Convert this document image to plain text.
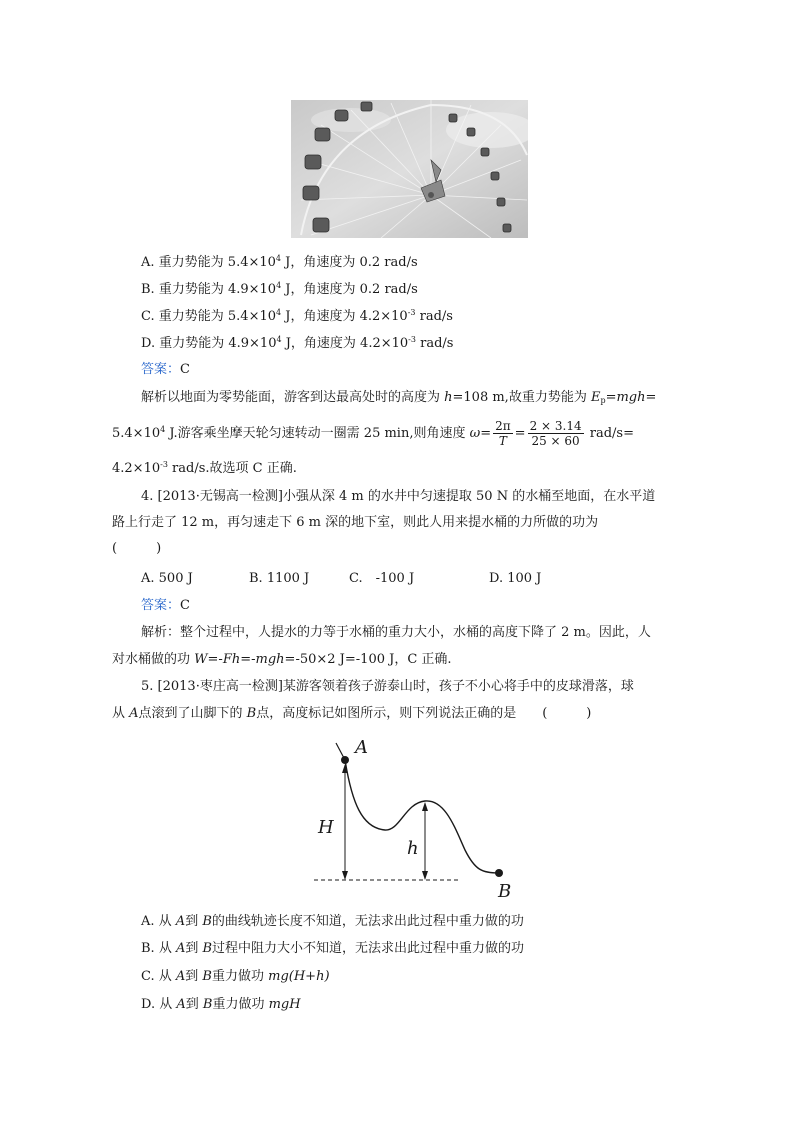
A. 重力势能为 $5.4\times 10^4$ J，角速度为 0.2 rad/s
B. 重力势能为 $4.9\times 10^4$ J，角速度为 0.2 rad/s
C. 重力势能为 $5.4\times 10^4$ J，角速度为 $4.2\times 10^{-3}$ rad/s
D. 重力势能为 $4.9\times 10^4$ J，角速度为 $4.2\times 10^{-3}$ rad/s
答案：C
解析以地面为零势能面，游客到达最高处时的高度为 h=108 m,故重力势能为 $E_p=mgh=$
$5.4\times 10^4$ J.游客乘坐摩天轮匀速转动一圈需 25 min,则角速度 $\omega= \frac{2\pi}{T} = \frac{2 \times 3.14}{25 \times 60} rad/s=$
$4.2\times 10^{-3}$ rad/s.故选项 C 正确.
4. [2013·无锡高一检测]小强从深 4 m 的水井中匀速提取 50 N 的水桶至地面，在水平道
路上行走了 12 m，再匀速走下 6 m 深的地下室，则此人用来提水桶的力所做的功为
(　　　)
A. 500 J	B. 1100 J	C.　-100 J	D. 100 J
答案：C
解析：整个过程中，人提水的力等于水桶的重力大小，水桶的高度下降了 2 m。因此，人
对水桶做的功 W=-Fh=-mgh=-50×2 J=-100 J，C 正确.
5. [2013·枣庄高一检测]某游客领着孩子游泰山时，孩子不小心将手中的皮球滑落，球
从 A点滚到了山脚下的 B点，高度标记如图所示，则下列说法正确的是　　(　　　)
A
B
H
h
A. 从 A到 B的曲线轨迹长度不知道，无法求出此过程中重力做的功
B. 从 A到 B过程中阻力大小不知道，无法求出此过程中重力做的功
C. 从 A到 B重力做功 mg(H+h)
D. 从 A到 B重力做功 mgH
